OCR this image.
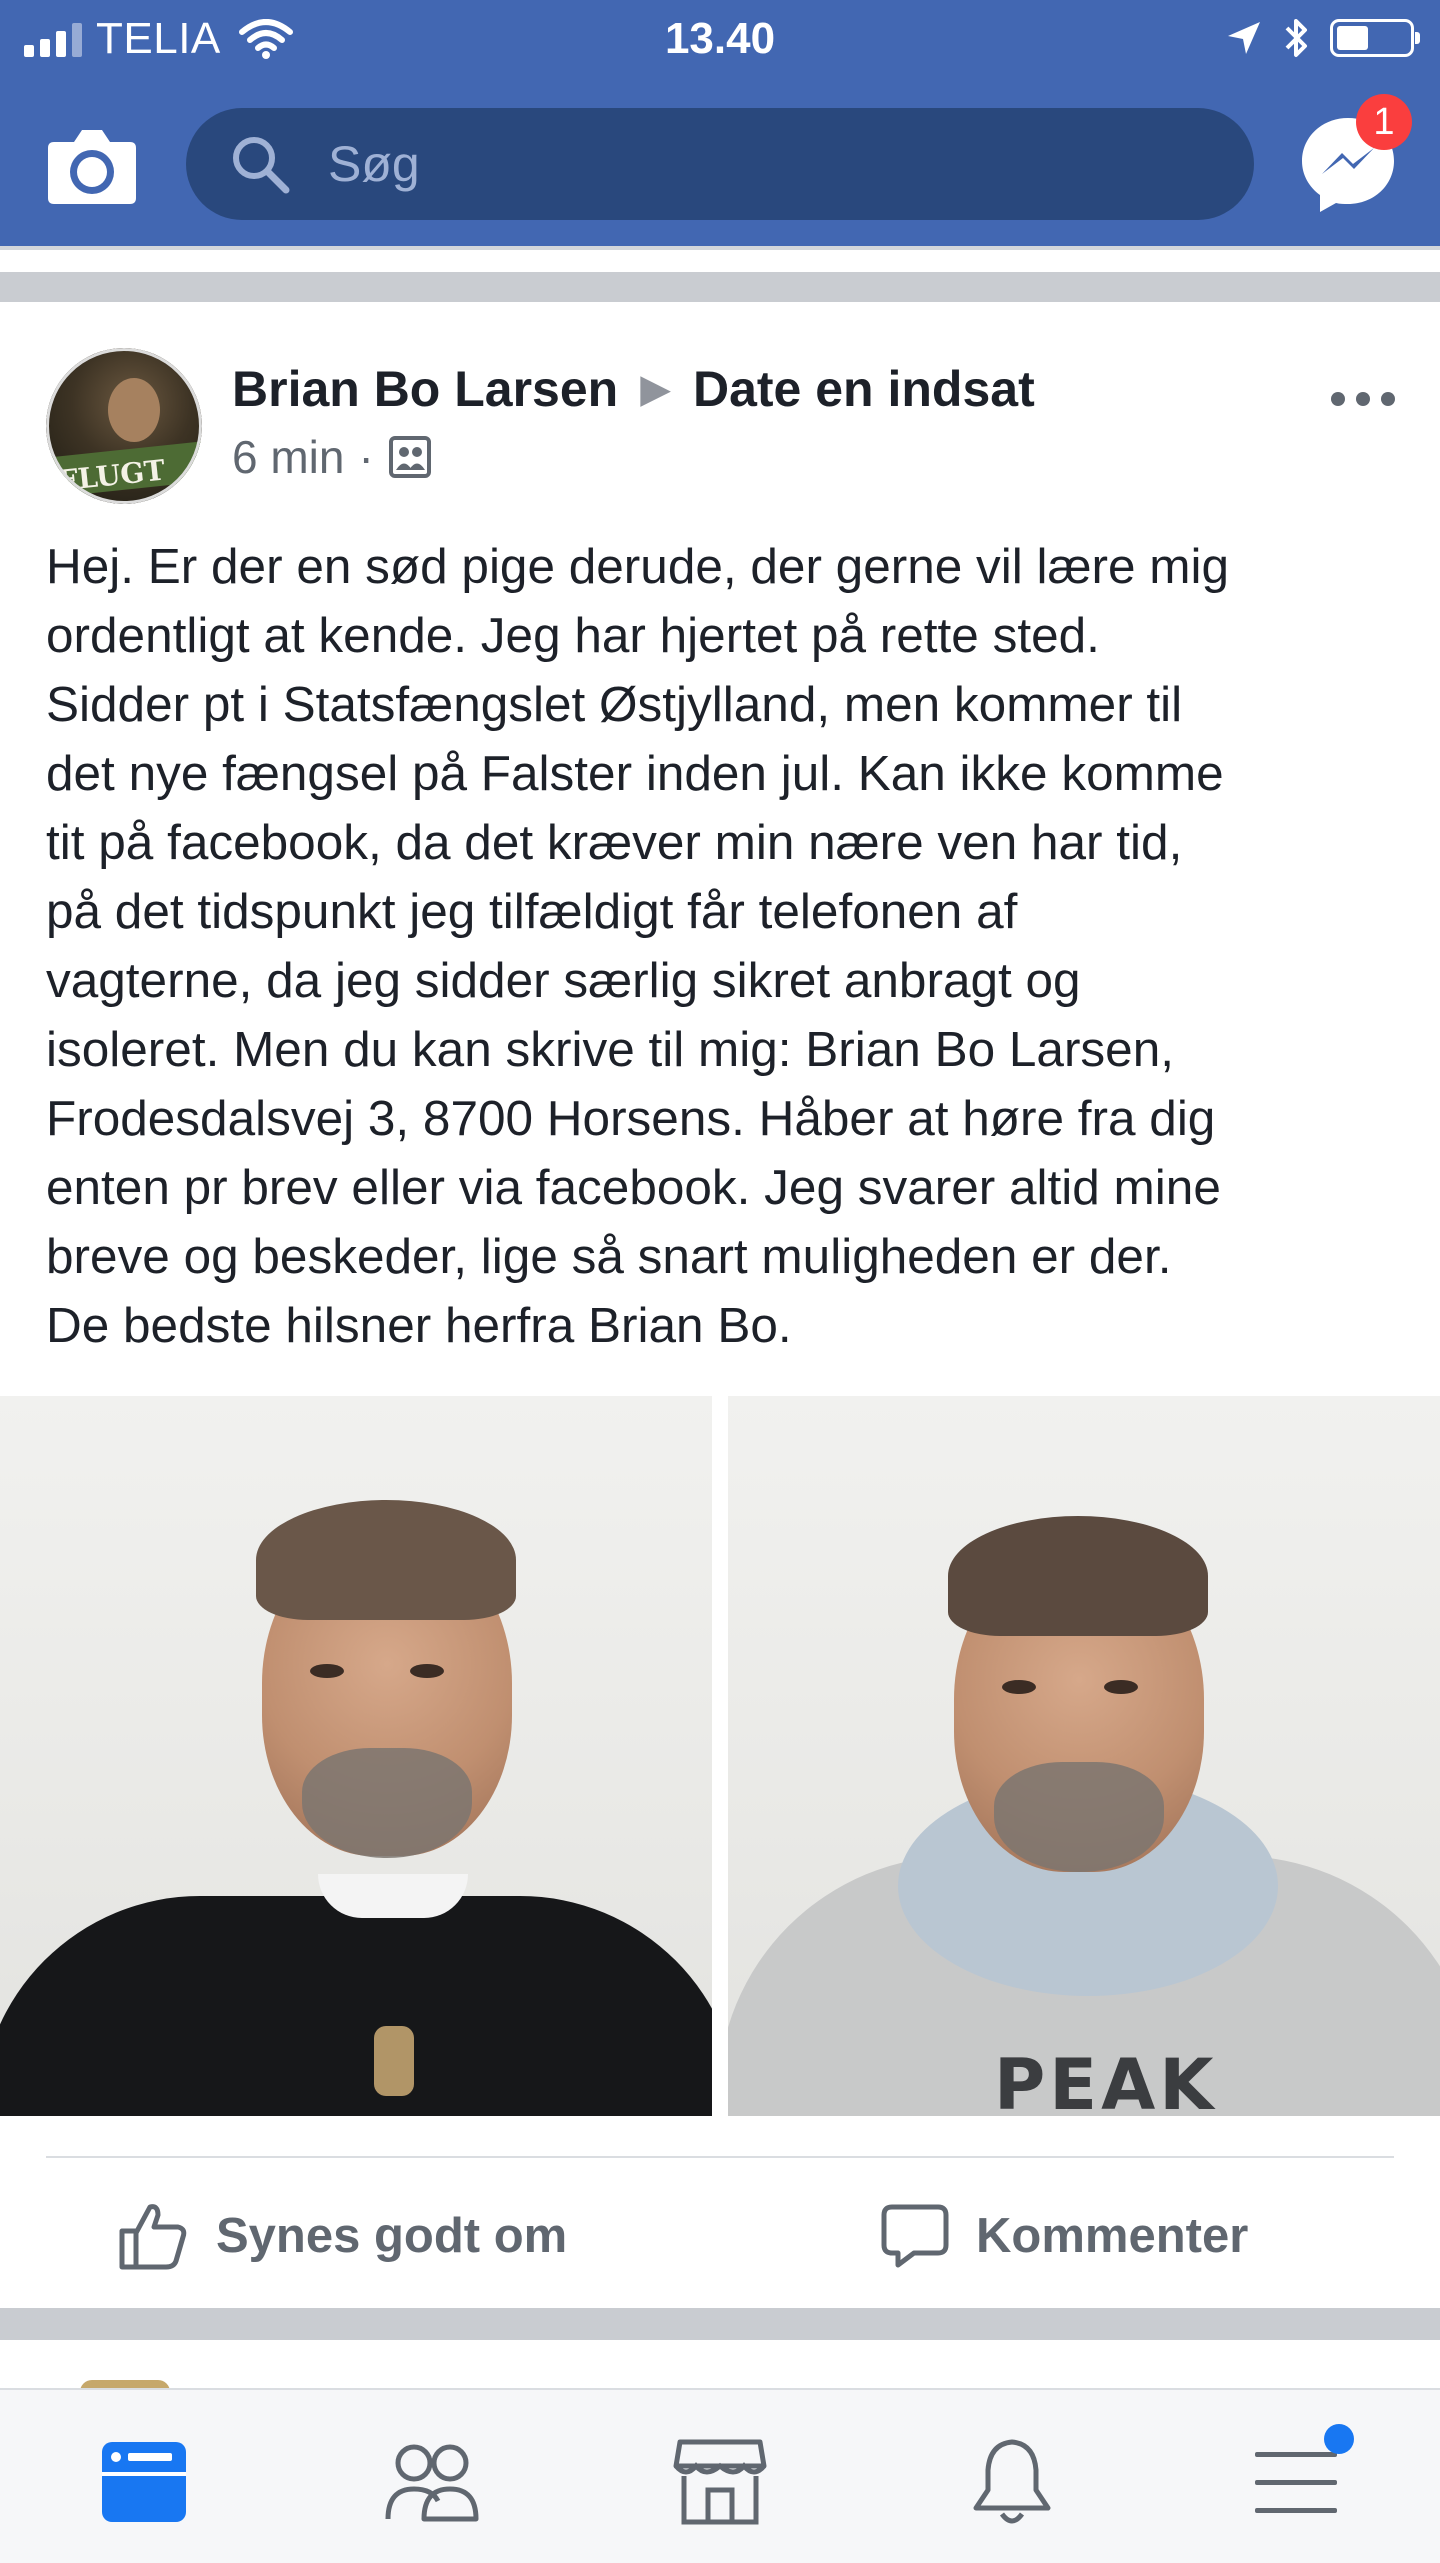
TELIA	13.40
Søg
1
FLUGT
Brian Bo Larsen ▶ Date en indsat
6 min ·
Hej. Er der en sød pige derude, der gerne vil lære mig
ordentligt at kende. Jeg har hjertet på rette sted.
Sidder pt i Statsfængslet Østjylland, men kommer til
det nye fængsel på Falster inden jul. Kan ikke komme
tit på facebook, da det kræver min nære ven har tid,
på det tidspunkt jeg tilfældigt får telefonen af
vagterne, da jeg sidder særlig sikret anbragt og
isoleret. Men du kan skrive til mig: Brian Bo Larsen,
Frodesdalsvej 3, 8700 Horsens. Håber at høre fra dig
enten pr brev eller via facebook. Jeg svarer altid mine
breve og beskeder, lige så snart muligheden er der.
De bedste hilsner herfra Brian Bo.
PEAK
Synes godt om	Kommenter
